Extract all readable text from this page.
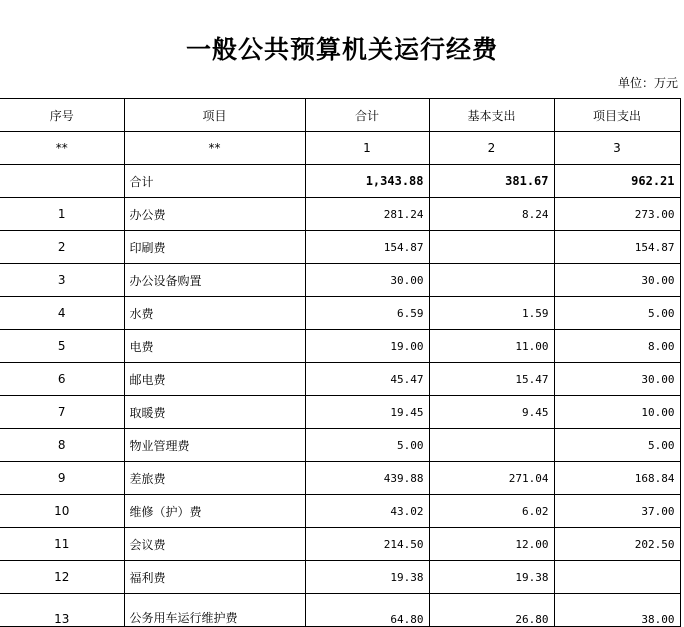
一般公共预算机关运行经费
单位：万元
序号	项目	合计	基本支出	项目支出
**	**	1	2	3
	合计	1,343.88	381.67	962.21
1	办公费	281.24	8.24	273.00
2	印刷费	154.87		154.87
3	办公设备购置	30.00		30.00
4	水费	6.59	1.59	5.00
5	电费	19.00	11.00	8.00
6	邮电费	45.47	15.47	30.00
7	取暖费	19.45	9.45	10.00
8	物业管理费	5.00		5.00
9	差旅费	439.88	271.04	168.84
10	维修（护）费	43.02	6.02	37.00
11	会议费	214.50	12.00	202.50
12	福利费	19.38	19.38	
13	公务用车运行维护费	64.80	26.80	38.00
